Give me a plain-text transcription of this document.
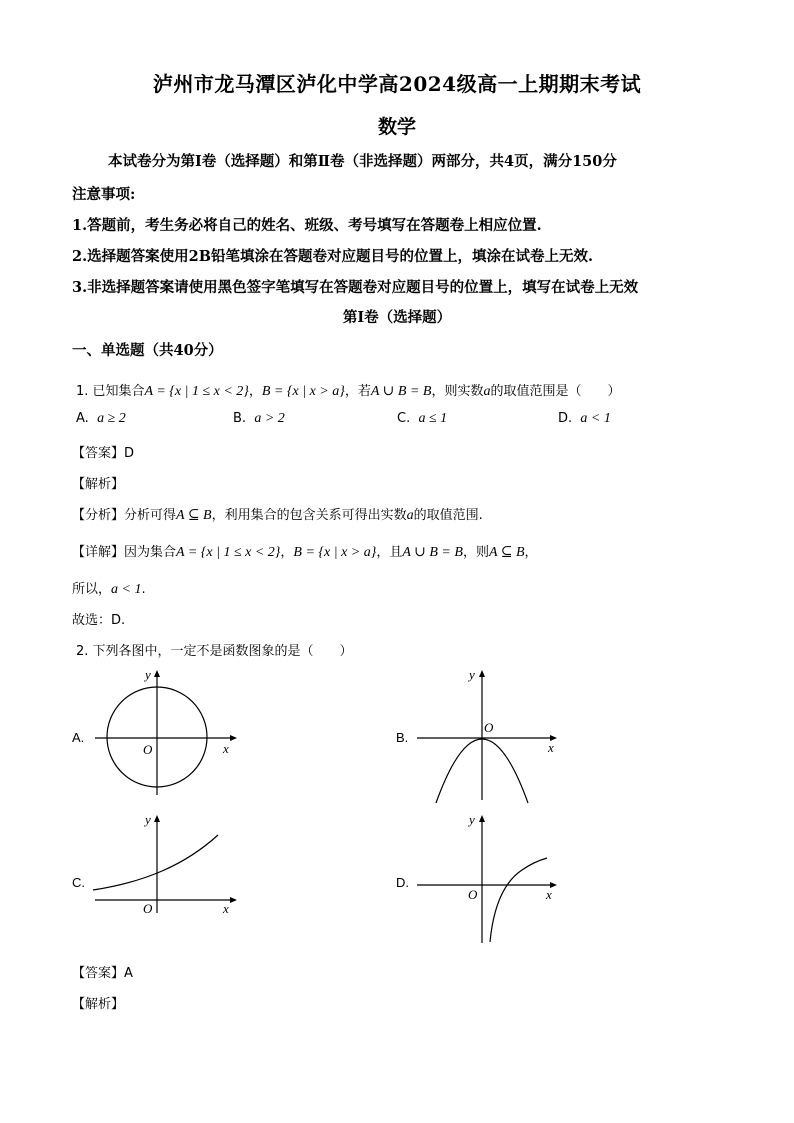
泸州市龙马潭区泸化中学高2024级高一上期期末考试
数学
本试卷分为第Ⅰ卷（选择题）和第Ⅱ卷（非选择题）两部分，共4页，满分150分
注意事项:
1.答题前，考生务必将自己的姓名、班级、考号填写在答题卷上相应位置.
2.选择题答案使用2B铅笔填涂在答题卷对应题目号的位置上，填涂在试卷上无效.
3.非选择题答案请使用黑色签字笔填写在答题卷对应题目号的位置上，填写在试卷上无效
第Ⅰ卷（选择题）
一、单选题（共40分）
1. 已知集合A = {x | 1 ≤ x < 2}，B = {x | x > a}，若A ∪ B = B，则实数a的取值范围是（　　）
A. a ≥ 2	B. a > 2	C. a ≤ 1	D. a < 1
【答案】D
【解析】
【分析】分析可得A ⊆ B，利用集合的包含关系可得出实数a的取值范围.
【详解】因为集合A = {x | 1 ≤ x < 2}，B = {x | x > a}，且A ∪ B = B，则A ⊆ B，
所以，a < 1.
故选：D.
2. 下列各图中，一定不是函数图象的是（　　）
A.	B.
C.	D.
O	x
y
O
x
y
O	x
y
O	x
y
【答案】A
【解析】
